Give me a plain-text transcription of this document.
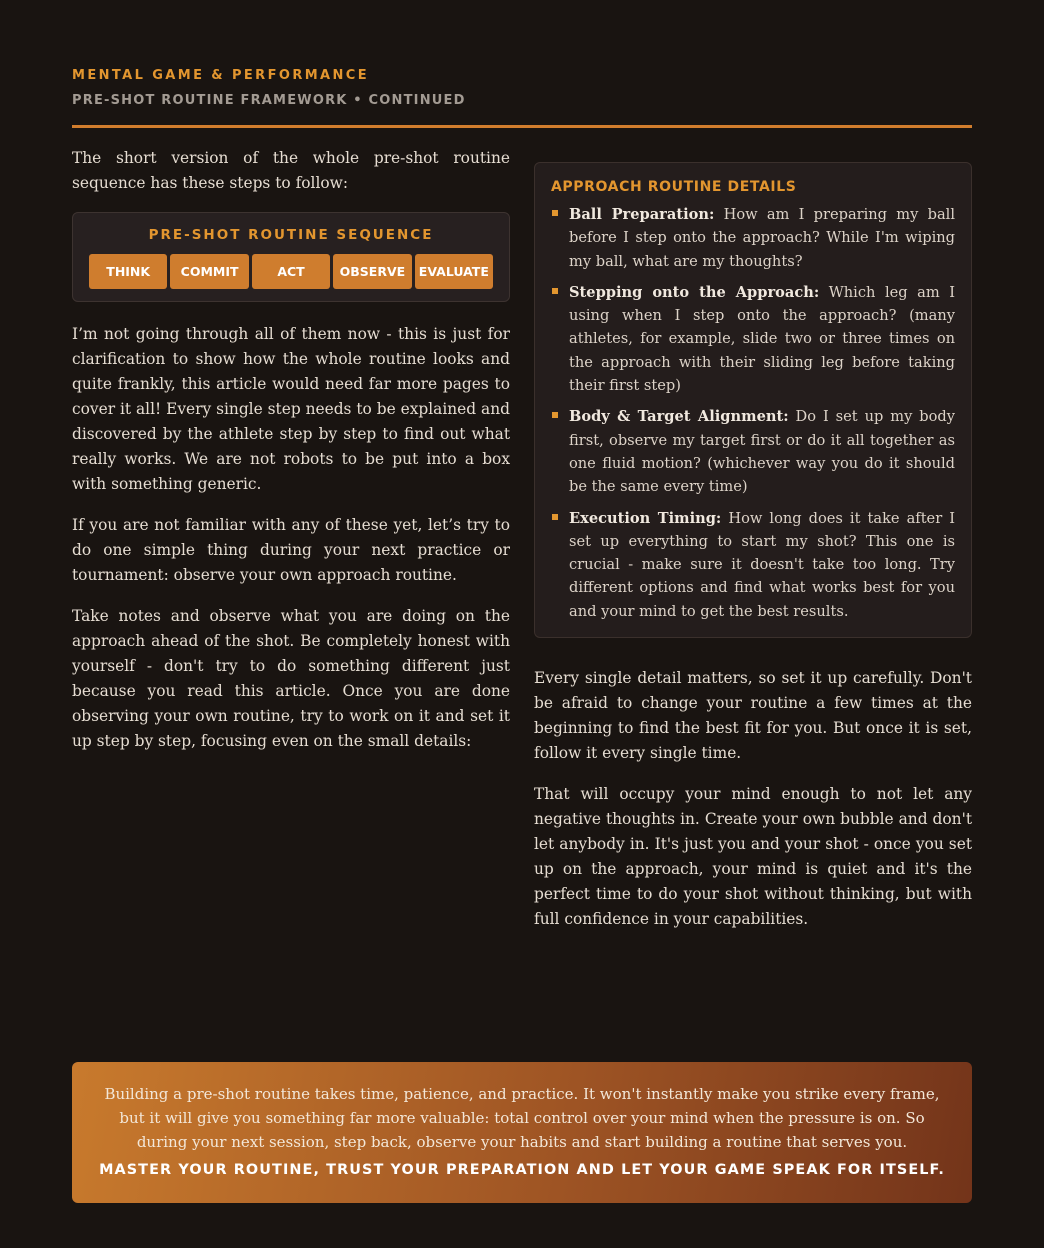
MENTAL GAME & PERFORMANCE
PRE-SHOT ROUTINE FRAMEWORK • CONTINUED

The short version of the whole pre-shot routine sequence has these steps to follow:

PRE-SHOT ROUTINE SEQUENCE
THINK	COMMIT	ACT	OBSERVE	EVALUATE

I’m not going through all of them now - this is just for clarification to show how the whole routine looks and quite frankly, this article would need far more pages to cover it all! Every single step needs to be explained and discovered by the athlete step by step to find out what really works. We are not robots to be put into a box with something generic.

If you are not familiar with any of these yet, let’s try to do one simple thing during your next practice or tournament: observe your own approach routine.

Take notes and observe what you are doing on the approach ahead of the shot. Be completely honest with yourself - don't try to do something different just because you read this article. Once you are done observing your own routine, try to work on it and set it up step by step, focusing even on the small details:

APPROACH ROUTINE DETAILS
Ball Preparation: How am I preparing my ball before I step onto the approach? While I'm wiping my ball, what are my thoughts?
Stepping onto the Approach: Which leg am I using when I step onto the approach? (many athletes, for example, slide two or three times on the approach with their sliding leg before taking their first step)
Body & Target Alignment: Do I set up my body first, observe my target first or do it all together as one fluid motion? (whichever way you do it should be the same every time)
Execution Timing: How long does it take after I set up everything to start my shot? This one is crucial - make sure it doesn't take too long. Try different options and find what works best for you and your mind to get the best results.

Every single detail matters, so set it up carefully. Don't be afraid to change your routine a few times at the beginning to find the best fit for you. But once it is set, follow it every single time.

That will occupy your mind enough to not let any negative thoughts in. Create your own bubble and don't let anybody in. It's just you and your shot - once you set up on the approach, your mind is quiet and it's the perfect time to do your shot without thinking, but with full confidence in your capabilities.

Building a pre-shot routine takes time, patience, and practice. It won't instantly make you strike every frame, but it will give you something far more valuable: total control over your mind when the pressure is on. So during your next session, step back, observe your habits and start building a routine that serves you.
MASTER YOUR ROUTINE, TRUST YOUR PREPARATION AND LET YOUR GAME SPEAK FOR ITSELF.
